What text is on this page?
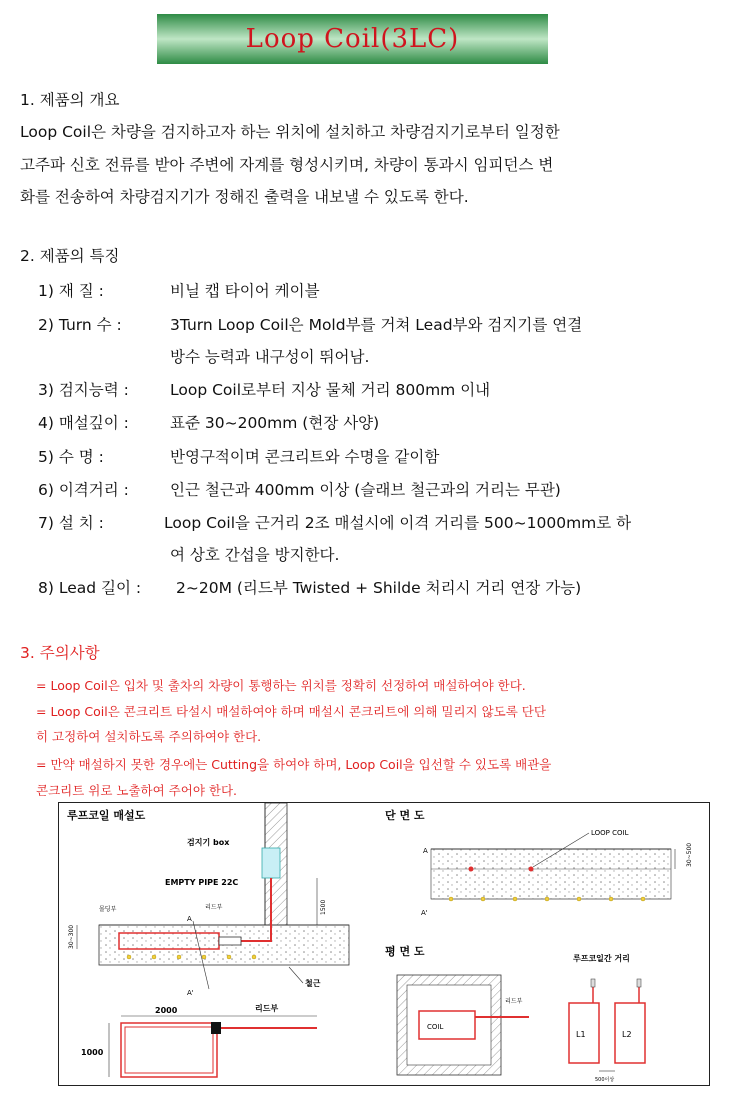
Loop Coil(3LC)
1. 제품의 개요
Loop Coil은 차량을 검지하고자 하는 위치에 설치하고 차량검지기로부터 일정한
고주파 신호 전류를 받아 주변에 자계를 형성시키며, 차량이 통과시 임피던스 변
화를 전송하여 차량검지기가 정해진 출력을 내보낼 수 있도록 한다.
2. 제품의 특징
1) 재 질 :	비닐 캡 타이어 케이블
2) Turn 수 :	3Turn Loop Coil은 Mold부를 거쳐 Lead부와 검지기를 연결
방수 능력과 내구성이 뛰어남.
3) 검지능력 :	Loop Coil로부터 지상 물체 거리 800mm 이내
4) 매설깊이 :	표준 30~200mm (현장 사양)
5) 수 명 :	반영구적이며 콘크리트와 수명을 같이함
6) 이격거리 :	인근 철근과 400mm 이상 (슬래브 철근과의 거리는 무관)
7) 설 치 :	Loop Coil을 근거리 2조 매설시에 이격 거리를 500~1000mm로 하
여 상호 간섭을 방지한다.
8) Lead 길이 : 2~20M (리드부 Twisted + Shilde 처리시 거리 연장 가능)
3. 주의사항
= Loop Coil은 입차 및 출차의 차량이 통행하는 위치를 정확히 선정하여 매설하여야 한다.
= Loop Coil은 콘크리트 타설시 매설하여야 하며 매설시 콘크리트에 의해 밀리지 않도록 단단
히 고정하여 설치하도록 주의하여야 한다.
= 만약 매설하지 못한 경우에는 Cutting을 하여야 하며, Loop Coil을 입선할 수 있도록 배관을
콘크리트 위로 노출하여 주어야 한다.
루프코일 매설도
검지기 box
EMPTY PIPE 22C
몰딩부	리드부
A
A'
철근
30~300
1500
2000	리드부
1000
단 면 도
A
A'
LOOP COIL
30~500
평 면 도
COIL
리드부
루프코일간 거리
L1	L2
500이상
